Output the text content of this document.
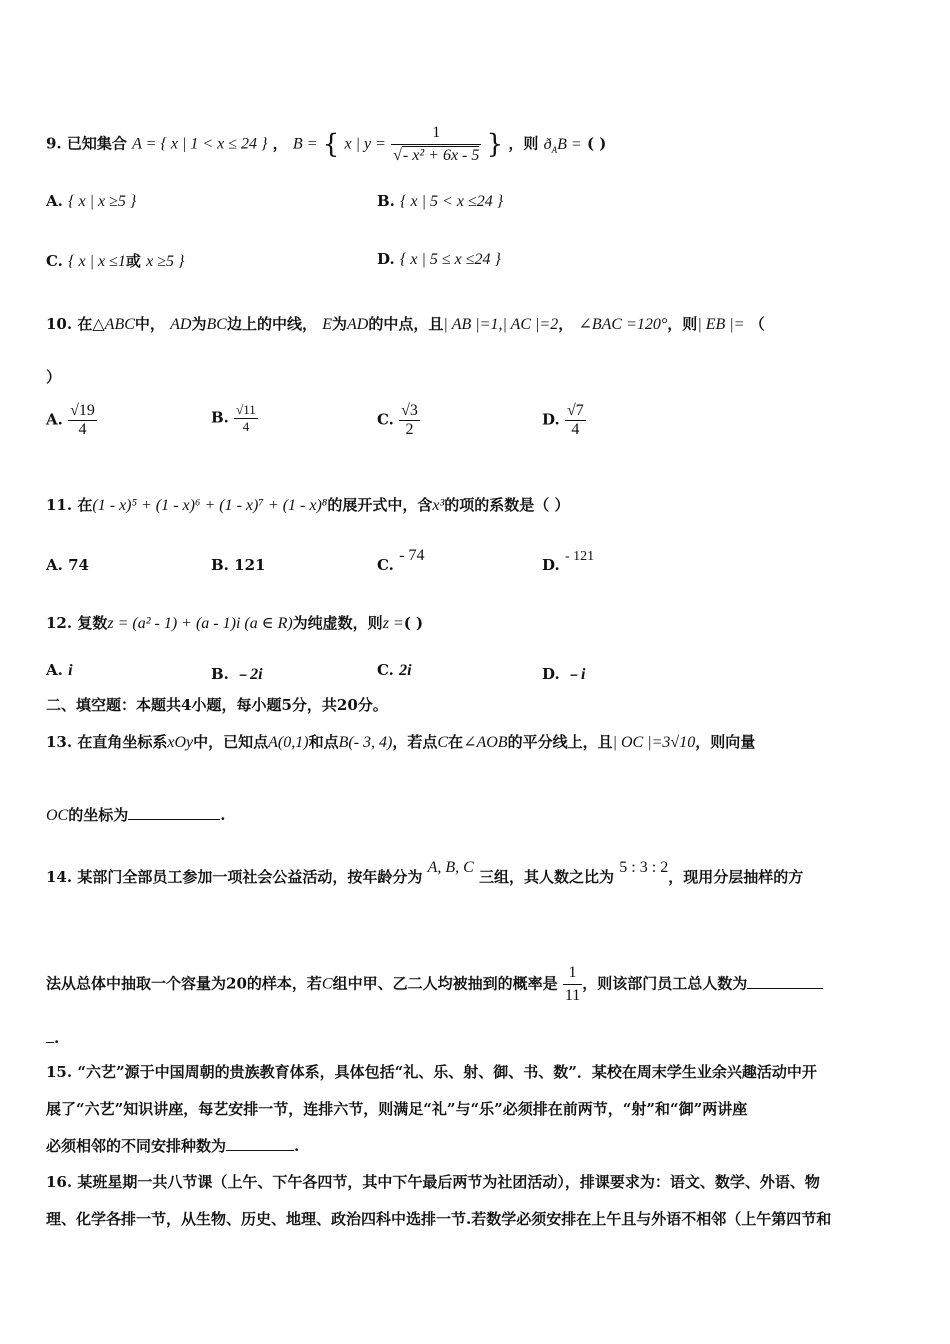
9. 已知集合 A = { x | 1 < x ≤ 24 } ， B = { x | $y = \frac{1}{\text{√- x² + 6x - 5}}$ } ，则 $ð_AB$ = ( )
A. { x | x ≥5 }	B. { x | 5 < x ≤24 }
C. { x | x ≤1或 x ≥5 }	D. { x | 5 ≤ x ≤24 }
10. 在△ABC中， AD为BC边上的中线， E为AD的中点，且| AB |=1,| AC |=2， ∠BAC =120°，则| EB |= （
）
A. $\frac{√19}{4}$	B. $\frac{√11}{4}$	C. $\frac{√3}{2}$	D. $\frac{√7}{4}$
11. 在(1 - x)⁵ + (1 - x)⁶ + (1 - x)⁷ + (1 - x)⁸的展开式中，含x³的项的系数是（ ）
A. 74	B. 121	C. - 74
D. - 121
12. 复数z = (a² - 1) + (a - 1)i (a ∈ R)为纯虚数，则z =( )
A. i	B. ﹣2i	C. 2i	D. ﹣i
二、填空题：本题共4小题，每小题5分，共20分。
13. 在直角坐标系xOy中，已知点A(0,1)和点B(- 3, 4)，若点C在∠AOB的平分线上，且| OC |=3√10，则向量
OC的坐标为	.
14. 某部门全部员工参加一项社会公益活动，按年龄分为 A, B, C 三组，其人数之比为 5 : 3 : 2，现用分层抽样的方
法从总体中抽取一个容量为20的样本，若C组中甲、乙二人均被抽到的概率是 $\frac{1}{11}$ ，则该部门员工总人数为
.
15. “六艺”源于中国周朝的贵族教育体系，具体包括“礼、乐、射、御、书、数”．某校在周末学生业余兴趣活动中开
展了“六艺”知识讲座，每艺安排一节，连排六节，则满足“礼”与“乐”必须排在前两节，“射”和“御”两讲座
必须相邻的不同安排种数为	.
16. 某班星期一共八节课（上午、下午各四节，其中下午最后两节为社团活动），排课要求为：语文、数学、外语、物
理、化学各排一节，从生物、历史、地理、政治四科中选排一节.若数学必须安排在上午且与外语不相邻（上午第四节和
